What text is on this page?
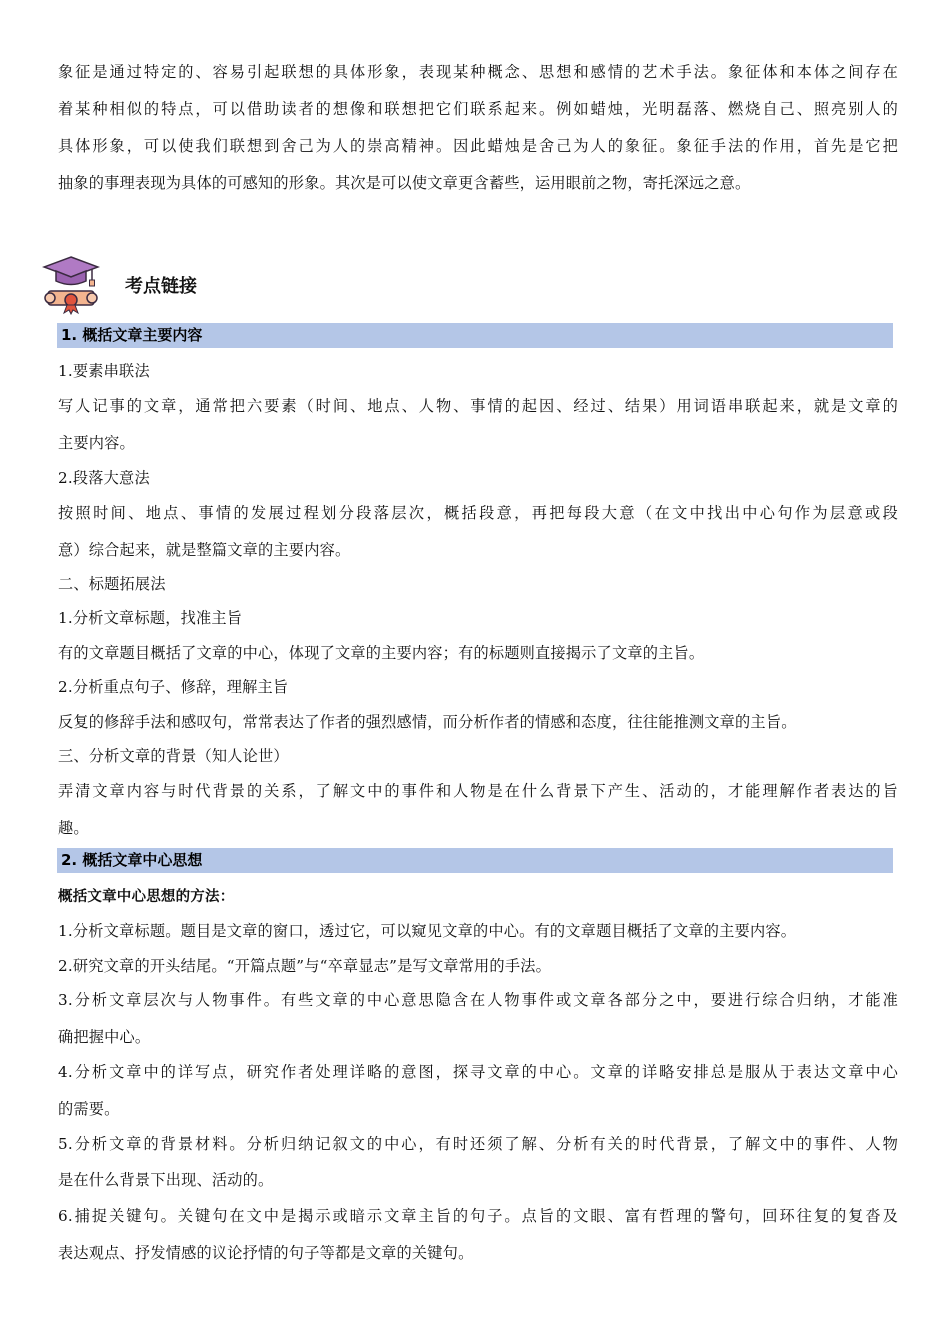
象征是通过特定的、容易引起联想的具体形象，表现某种概念、思想和感情的艺术手法。象征体和本体之间存在
着某种相似的特点，可以借助读者的想像和联想把它们联系起来。例如蜡烛，光明磊落、燃烧自己、照亮别人的
具体形象，可以使我们联想到舍己为人的崇高精神。因此蜡烛是舍己为人的象征。象征手法的作用，首先是它把
抽象的事理表现为具体的可感知的形象。其次是可以使文章更含蓄些，运用眼前之物，寄托深远之意。
考点链接
1. 概括文章主要内容
1.要素串联法
写人记事的文章，通常把六要素（时间、地点、人物、事情的起因、经过、结果）用词语串联起来，就是文章的
主要内容。
2.段落大意法
按照时间、地点、事情的发展过程划分段落层次，概括段意，再把每段大意（在文中找出中心句作为层意或段
意）综合起来，就是整篇文章的主要内容。
二、标题拓展法
1.分析文章标题，找准主旨
有的文章题目概括了文章的中心，体现了文章的主要内容；有的标题则直接揭示了文章的主旨。
2.分析重点句子、修辞，理解主旨
反复的修辞手法和感叹句，常常表达了作者的强烈感情，而分析作者的情感和态度，往往能推测文章的主旨。
三、分析文章的背景（知人论世）
弄清文章内容与时代背景的关系，了解文中的事件和人物是在什么背景下产生、活动的，才能理解作者表达的旨
趣。
2. 概括文章中心思想
概括文章中心思想的方法：
1.分析文章标题。题目是文章的窗口，透过它，可以窥见文章的中心。有的文章题目概括了文章的主要内容。
2.研究文章的开头结尾。“开篇点题”与“卒章显志”是写文章常用的手法。
3.分析文章层次与人物事件。有些文章的中心意思隐含在人物事件或文章各部分之中，要进行综合归纳，才能准
确把握中心。
4.分析文章中的详写点，研究作者处理详略的意图，探寻文章的中心。文章的详略安排总是服从于表达文章中心
的需要。
5.分析文章的背景材料。分析归纳记叙文的中心，有时还须了解、分析有关的时代背景，了解文中的事件、人物
是在什么背景下出现、活动的。
6.捕捉关键句。关键句在文中是揭示或暗示文章主旨的句子。点旨的文眼、富有哲理的警句，回环往复的复沓及
表达观点、抒发情感的议论抒情的句子等都是文章的关键句。
